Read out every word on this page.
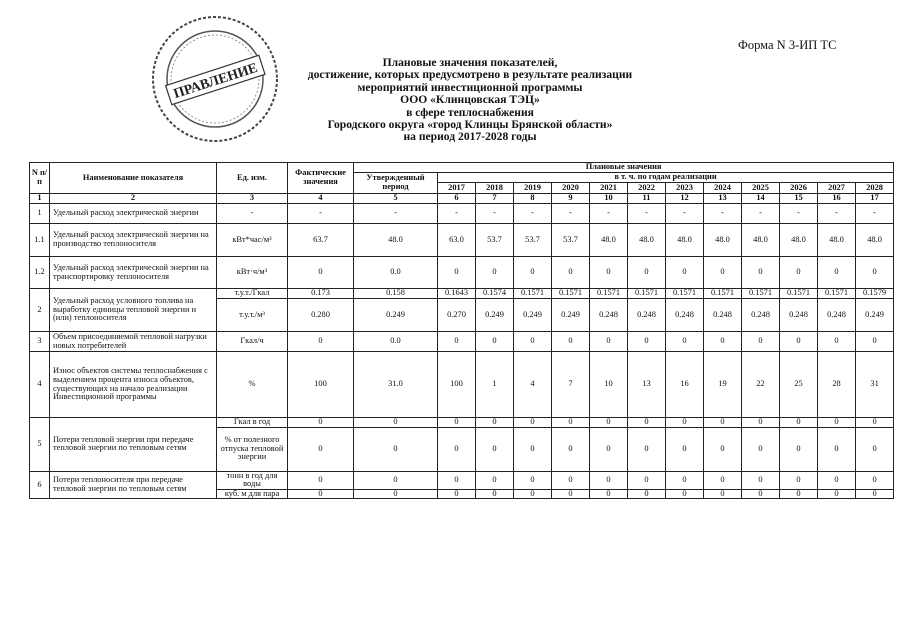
Форма N 3-ИП ТС
ПРАВЛЕНИЕ	Плановые значения показателей,
достижение, которых предусмотрено в результате реализации
мероприятий инвестиционной программы
ООО «Клинцовская ТЭЦ»
в сфере теплоснабжения
Городского округа «город Клинцы Брянской области»
на период 2017-2028 годы
N п/п	Наименование показателя	Ед. изм.	Фактические значения	Плановые значения												
				Утвержденный период	в т. ч. по годам реализации											
					2017	2018	2019	2020	2021	2022	2023	2024	2025	2026	2027	2028
1	2	3	4	5	6	7	8	9	10	11	12	13	14	15	16	17
1	Удельный расход электрической энергии	-	-	-	-	-	-	-	-	-	-	-	-	-	-	-
1.1	Удельный расход электрической энергии на производство теплоносителя	кВт*час/м³	63.7	48.0	63.0	53.7	53.7	53.7	48.0	48.0	48.0	48.0	48.0	48.0	48.0	48.0
1.2	Удельный расход электрической энергии на транспортировку теплоносителя	кВт·ч/м³	0	0.0	0	0	0	0	0	0	0	0	0	0	0	0
2	Удельный расход условного топлива на выработку единицы тепловой энергии и (или) теплоносителя	т.у.т./Гкал	0.173	0.158	0.1643	0.1574	0.1571	0.1571	0.1571	0.1571	0.1571	0.1571	0.1571	0.1571	0.1571	0.1579
		т.у.т./м³	0.280	0.249	0.270	0.249	0.249	0.249	0.248	0.248	0.248	0.248	0.248	0.248	0.248	0.249
3	Объем присоединяемой тепловой нагрузки новых потребителей	Гкал/ч	0	0.0	0	0	0	0	0	0	0	0	0	0	0	0
4	Износ объектов системы теплоснабжения с выделением процента износа объектов, существующих на начало реализации Инвестиционной программы	%	100	31.0	100	1	4	7	10	13	16	19	22	25	28	31
5	Потери тепловой энергии при передаче тепловой энергии по тепловым сетям	Гкал в год	0	0	0	0	0	0	0	0	0	0	0	0	0	0
		% от полезного отпуска тепловой энергии	0	0	0	0	0	0	0	0	0	0	0	0	0	0
6	Потери теплоносителя при передаче тепловой энергии по тепловым сетям	тонн в год для воды	0	0	0	0	0	0	0	0	0	0	0	0	0	0
		куб. м для пара	0	0	0	0	0	0	0	0	0	0	0	0	0	0
